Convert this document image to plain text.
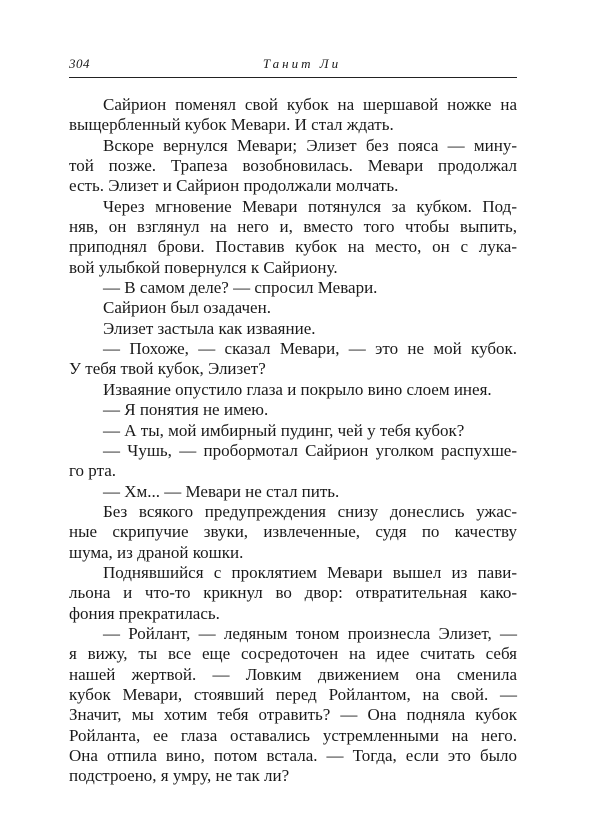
304	Танит Ли
Сайрион поменял свой кубок на шершавой ножке на
выщербленный кубок Мевари. И стал ждать.
Вскоре вернулся Мевари; Элизет без пояса — мину-
той позже. Трапеза возобновилась. Мевари продолжал
есть. Элизет и Сайрион продолжали молчать.
Через мгновение Мевари потянулся за кубком. Под-
няв, он взглянул на него и, вместо того чтобы выпить,
приподнял брови. Поставив кубок на место, он с лука-
вой улыбкой повернулся к Сайриону.
— В самом деле? — спросил Мевари.
Сайрион был озадачен.
Элизет застыла как изваяние.
— Похоже, — сказал Мевари, — это не мой кубок.
У тебя твой кубок, Элизет?
Изваяние опустило глаза и покрыло вино слоем инея.
— Я понятия не имею.
— А ты, мой имбирный пудинг, чей у тебя кубок?
— Чушь, — пробормотал Сайрион уголком распухше-
го рта.
— Хм... — Мевари не стал пить.
Без всякого предупреждения снизу донеслись ужас-
ные скрипучие звуки, извлеченные, судя по качеству
шума, из драной кошки.
Поднявшийся с проклятием Мевари вышел из пави-
льона и что-то крикнул во двор: отвратительная како-
фония прекратилась.
— Ройлант, — ледяным тоном произнесла Элизет, —
я вижу, ты все еще сосредоточен на идее считать себя
нашей жертвой. — Ловким движением она сменила
кубок Мевари, стоявший перед Ройлантом, на свой. —
Значит, мы хотим тебя отравить? — Она подняла кубок
Ройланта, ее глаза оставались устремленными на него.
Она отпила вино, потом встала. — Тогда, если это было
подстроено, я умру, не так ли?
